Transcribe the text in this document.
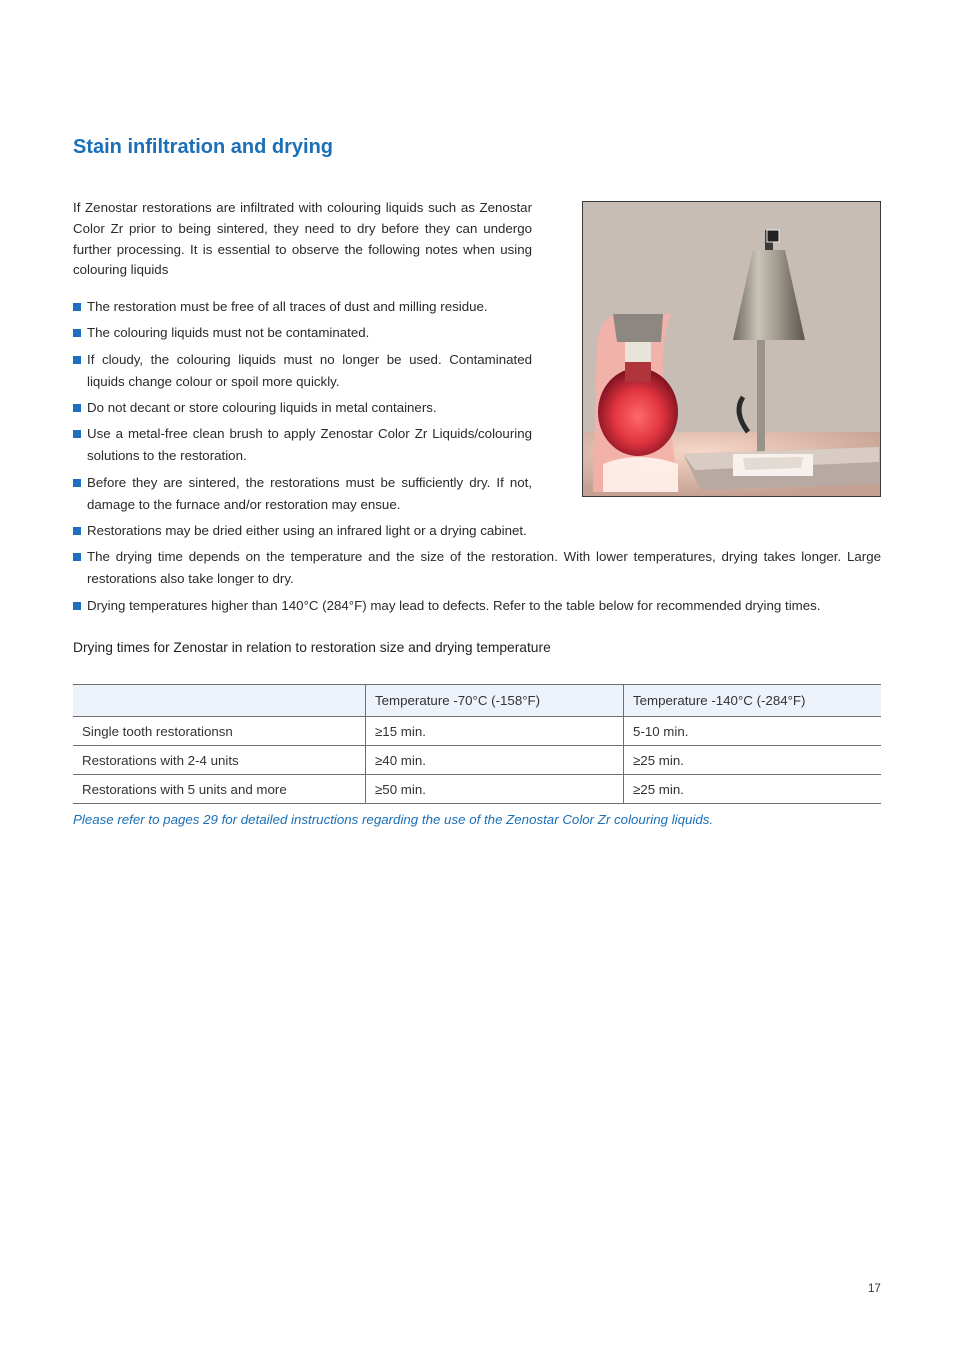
Stain infiltration and drying

If Zenostar restorations are infiltrated with colouring liquids such as Zenostar Color Zr prior to being sintered, they need to dry before they can undergo further processing. It is essential to observe the following notes when using colouring liquids

The restoration must be free of all traces of dust and milling residue.
The colouring liquids must not be contaminated.
If cloudy, the colouring liquids must no longer be used. Contaminated liquids change colour or spoil more quickly.
Do not decant or store colouring liquids in metal containers.
Use a metal-free clean brush to apply Zenostar Color Zr Liquids/colouring solutions to the restoration.
Before they are sintered, the restorations must be sufficiently dry. If not, damage to the furnace and/or restoration may ensue.
Restorations may be dried either using an infrared light or a drying cabinet.
The drying time depends on the temperature and the size of the restoration. With lower temperatures, drying takes longer. Large restorations also take longer to dry.
Drying temperatures higher than 140°C (284°F) may lead to defects. Refer to the table below for recommended drying times.

Drying times for Zenostar in relation to restoration size and drying temperature

	Temperature -70°C (-158°F)	Temperature -140°C (-284°F)
Single tooth restorationsn	≥15 min.	5-10 min.
Restorations with 2-4 units	≥40 min.	≥25 min.
Restorations with 5 units and more	≥50 min.	≥25 min.

Please refer to pages 29 for detailed instructions regarding the use of the Zenostar Color Zr colouring liquids.

17
